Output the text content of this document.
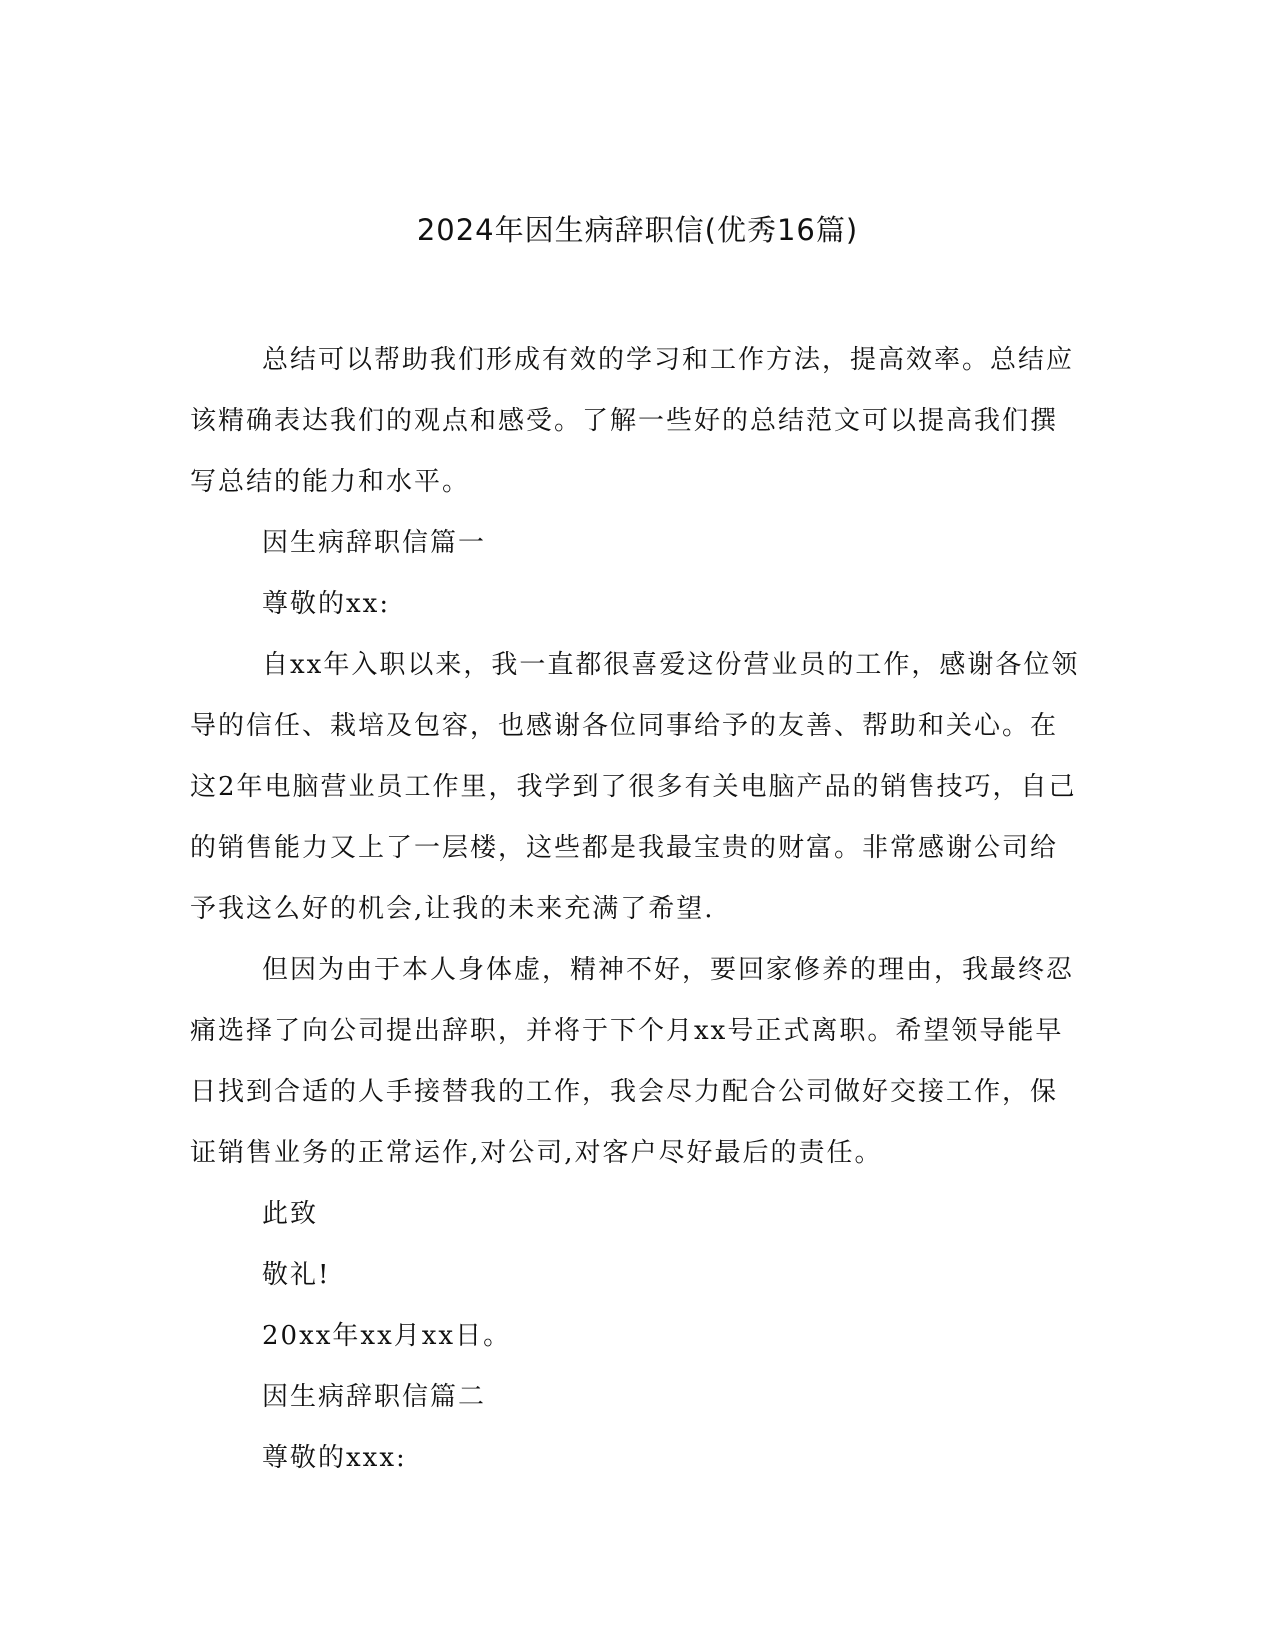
2024年因生病辞职信(优秀16篇)

总结可以帮助我们形成有效的学习和工作方法，提高效率。总结应该精确表达我们的观点和感受。了解一些好的总结范文可以提高我们撰写总结的能力和水平。

因生病辞职信篇一

尊敬的xx:

自xx年入职以来，我一直都很喜爱这份营业员的工作，感谢各位领导的信任、栽培及包容，也感谢各位同事给予的友善、帮助和关心。在这2年电脑营业员工作里，我学到了很多有关电脑产品的销售技巧，自己的销售能力又上了一层楼，这些都是我最宝贵的财富。非常感谢公司给予我这么好的机会,让我的未来充满了希望.

但因为由于本人身体虚，精神不好，要回家修养的理由，我最终忍痛选择了向公司提出辞职，并将于下个月xx号正式离职。希望领导能早日找到合适的人手接替我的工作，我会尽力配合公司做好交接工作，保证销售业务的正常运作,对公司,对客户尽好最后的责任。

此致

敬礼!

20xx年xx月xx日。

因生病辞职信篇二

尊敬的xxx:
